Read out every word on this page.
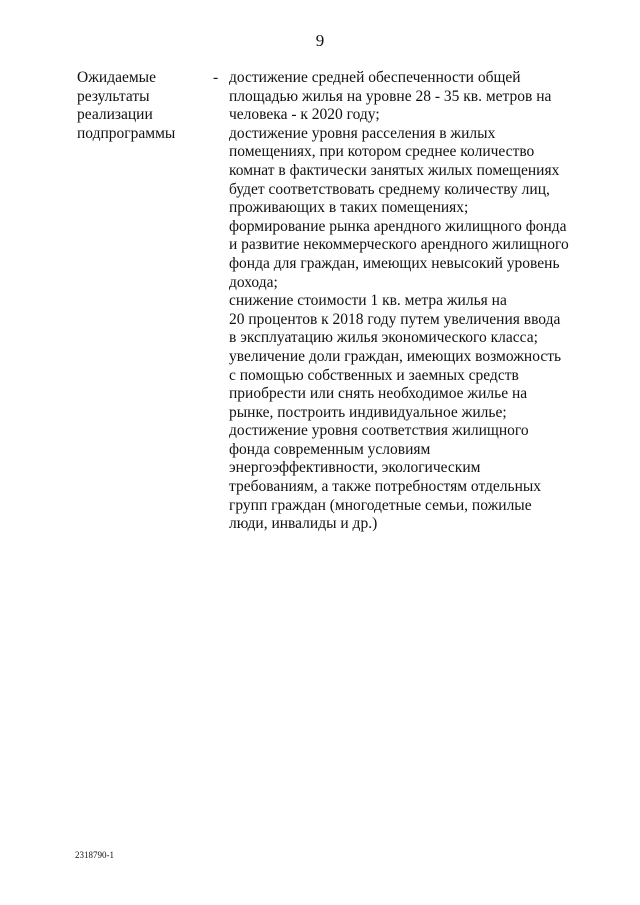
9
Ожидаемые
результаты
реализации
подпрограммы
- достижение средней обеспеченности общей
площадью жилья на уровне 28 - 35 кв. метров на
человека - к 2020 году;
достижение уровня расселения в жилых
помещениях, при котором среднее количество
комнат в фактически занятых жилых помещениях
будет соответствовать среднему количеству лиц,
проживающих в таких помещениях;
формирование рынка арендного жилищного фонда
и развитие некоммерческого арендного жилищного
фонда для граждан, имеющих невысокий уровень
дохода;
снижение стоимости 1 кв. метра жилья на
20 процентов к 2018 году путем увеличения ввода
в эксплуатацию жилья экономического класса;
увеличение доли граждан, имеющих возможность
с помощью собственных и заемных средств
приобрести или снять необходимое жилье на
рынке, построить индивидуальное жилье;
достижение уровня соответствия жилищного
фонда современным условиям
энергоэффективности, экологическим
требованиям, а также потребностям отдельных
групп граждан (многодетные семьи, пожилые
люди, инвалиды и др.)
2318790-1
